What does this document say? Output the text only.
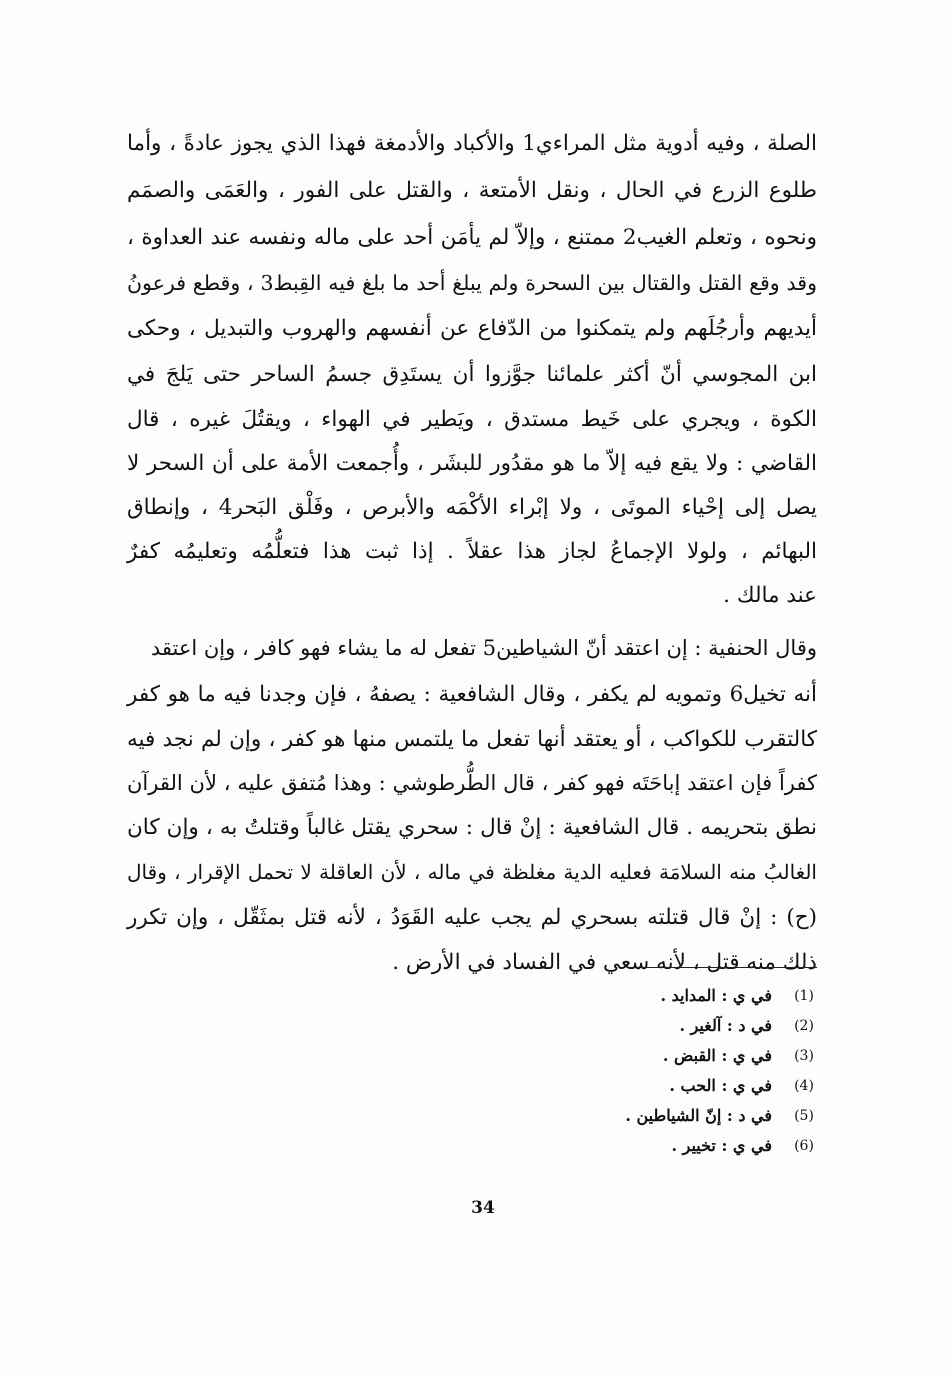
الصلة ، وفيه أدوية مثل المراءي1 والأكباد والأدمغة فهذا الذي يجوز عادةً ، وأما
طلوع الزرع في الحال ، ونقل الأمتعة ، والقتل على الفور ، والعَمَى والصمَم
ونحوه ، وتعلم الغيب2 ممتنع ، وإلاّ لم يأمَن أحد على ماله ونفسه عند العداوة ،
وقد وقع القتل والقتال بين السحرة ولم يبلغ أحد ما بلغ فيه القِبط3 ، وقطع فرعونُ
أيديهم وأرجُلَهم ولم يتمكنوا من الدّفاع عن أنفسهم والهروب والتبديل ، وحكى
ابن المجوسي أنّ أكثر علمائنا جوَّزوا أن يستَدِق جسمُ الساحر حتى يَلجَ في
الكوة ، ويجري على خَيط مستدق ، ويَطير في الهواء ، ويقتُلَ غيره ، قال
القاضي : ولا يقع فيه إلاّ ما هو مقدُور للبشَر ، وأُجمعت الأمة على أن السحر لا
يصل إلى إحْياء الموتَى ، ولا إبْراء الأكْمَه والأبرص ، وفَلْق البَحر4 ، وإنطاق
البهائم ، ولولا الإجماعُ لجاز هذا عقلاً . إذا ثبت هذا فتعلُّمُه وتعليمُه كفرٌ
عند مالك .
وقال الحنفية : إن اعتقد أنّ الشياطين5 تفعل له ما يشاء فهو كافر ، وإن اعتقد
أنه تخيل6 وتمويه لم يكفر ، وقال الشافعية : يصفهُ ، فإن وجدنا فيه ما هو كفر
كالتقرب للكواكب ، أو يعتقد أنها تفعل ما يلتمس منها هو كفر ، وإن لم نجد فيه
كفراً فإن اعتقد إباحَتَه فهو كفر ، قال الطُّرطوشي : وهذا مُتفق عليه ، لأن القرآن
نطق بتحريمه . قال الشافعية : إنْ قال : سحري يقتل غالباً وقتلتُ به ، وإن كان
الغالبُ منه السلامَة فعليه الدية مغلظة في ماله ، لأن العاقلة لا تحمل الإقرار ، وقال
(ح) : إنْ قال قتلته بسحري لم يجب عليه القَوَدُ ، لأنه قتل بمثَقّل ، وإن تكرر
ذلك منه قتل ، لأنه سعي في الفساد في الأرض .
(1)
في ي : المدايد .
(2)
في د : آلغير .
(3)
في ي : القبض .
(4)
في ي : الحب .
(5)
في د : إنّ الشياطين .
(6)
في ي : تخيير .
34
